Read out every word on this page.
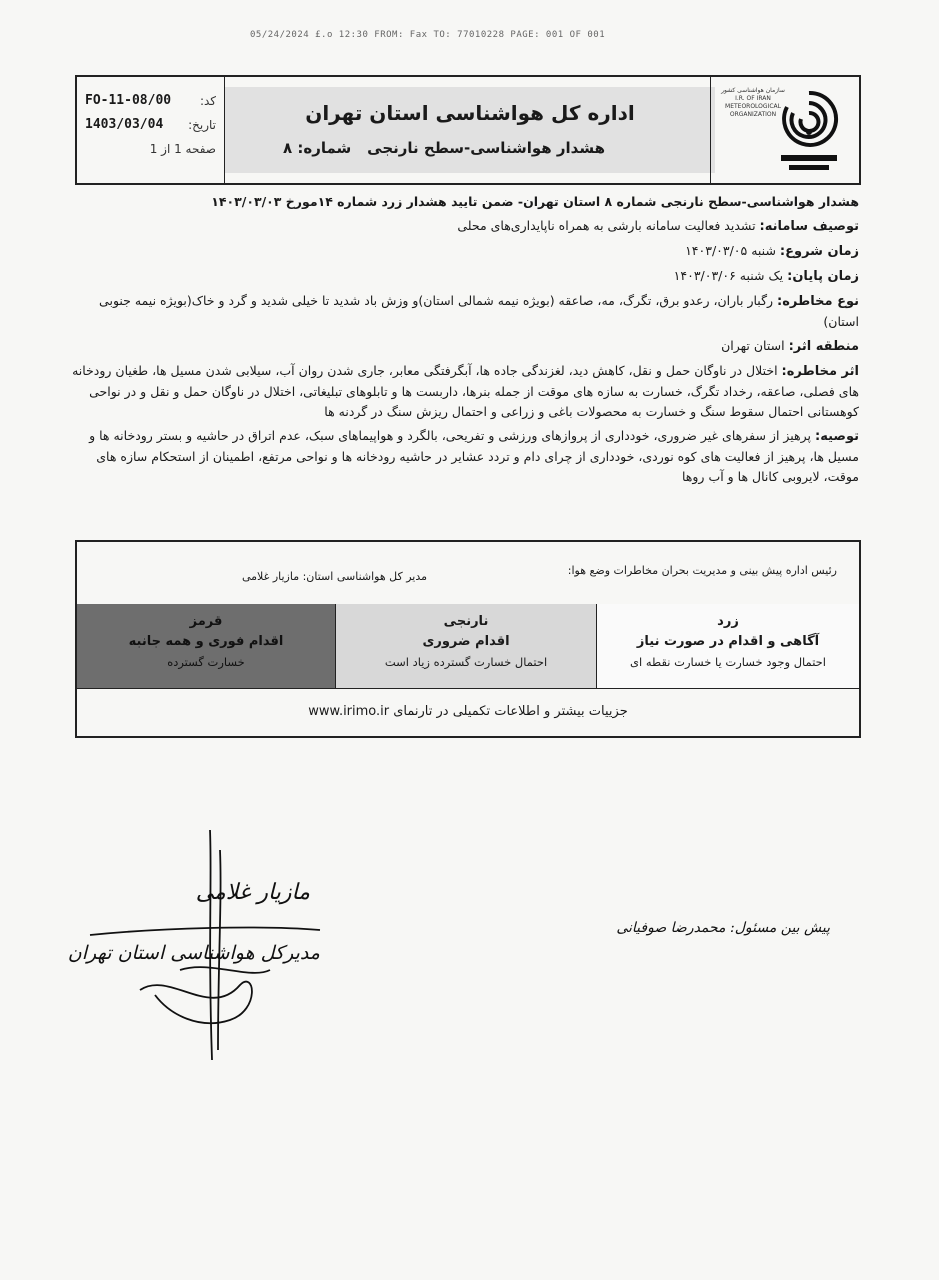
05/24/2024 £.o 12:30 FROM: Fax TO: 77010228 PAGE: 001 OF 001
کد:
FO-11-08/00
تاریخ:
1403/03/04
صفحه 1 از 1
اداره کل هواشناسی استان تهران
هشدار هواشناسی-سطح نارنجی
شماره: ۸
سازمان هواشناسی کشور I.R. OF IRAN METEOROLOGICAL ORGANIZATION
هشدار هواشناسی-سطح نارنجی شماره ۸ استان تهران- ضمن تایید هشدار زرد شماره ۱۴مورخ ۱۴۰۳/۰۳/۰۳
توصیف سامانه: تشدید فعالیت سامانه بارشی به همراه ناپایداری‌های محلی
زمان شروع: شنبه ۱۴۰۳/۰۳/۰۵
زمان پایان: یک شنبه ۱۴۰۳/۰۳/۰۶
نوع مخاطره: رگبار باران، رعدو برق، تگرگ، مه، صاعقه (بویژه نیمه شمالی استان)و وزش باد شدید تا خیلی شدید و گرد و خاک(بویژه نیمه جنوبی استان)
منطقه اثر: استان تهران
اثر مخاطره: اختلال در ناوگان حمل و نقل، کاهش دید، لغزندگی جاده ها، آبگرفتگی معابر، جاری شدن روان آب، سیلابی شدن مسیل ها، طغیان رودخانه های فصلی، صاعقه، رخداد تگرگ، خسارت به سازه های موقت از جمله بنرها، داربست ها و تابلوهای تبلیغاتی، اختلال در ناوگان حمل و نقل و در نواحی کوهستانی احتمال سقوط سنگ و خسارت به محصولات باغی و زراعی و احتمال ریزش سنگ در گردنه ها
توصیه: پرهیز از سفرهای غیر ضروری، خودداری از پروازهای ورزشی و تفریحی، بالگرد و هواپیماهای سبک، عدم اتراق در حاشیه و بستر رودخانه ها و مسیل ها، پرهیز از فعالیت های کوه نوردی، خودداری از چرای دام و تردد عشایر در حاشیه رودخانه ها و نواحی مرتفع، اطمینان از استحکام سازه های موقت، لایروبی کانال ها و آب روها
رئیس اداره پیش بینی و مدیریت بحران مخاطرات وضع هوا:
مدیر کل هواشناسی استان: مازیار غلامی
زرد
آگاهی و اقدام در صورت نیاز
احتمال وجود خسارت یا خسارت نقطه ای
نارنجی
اقدام ضروری
احتمال خسارت گسترده زیاد است
قرمز
اقدام فوری و همه جانبه
خسارت گسترده
جزییات بیشتر و اطلاعات تکمیلی در تارنمای www.irimo.ir
مازیار غلامی
مدیرکل هواشناسی استان تهران
پیش بین مسئول: محمدرضا صوفیانی
